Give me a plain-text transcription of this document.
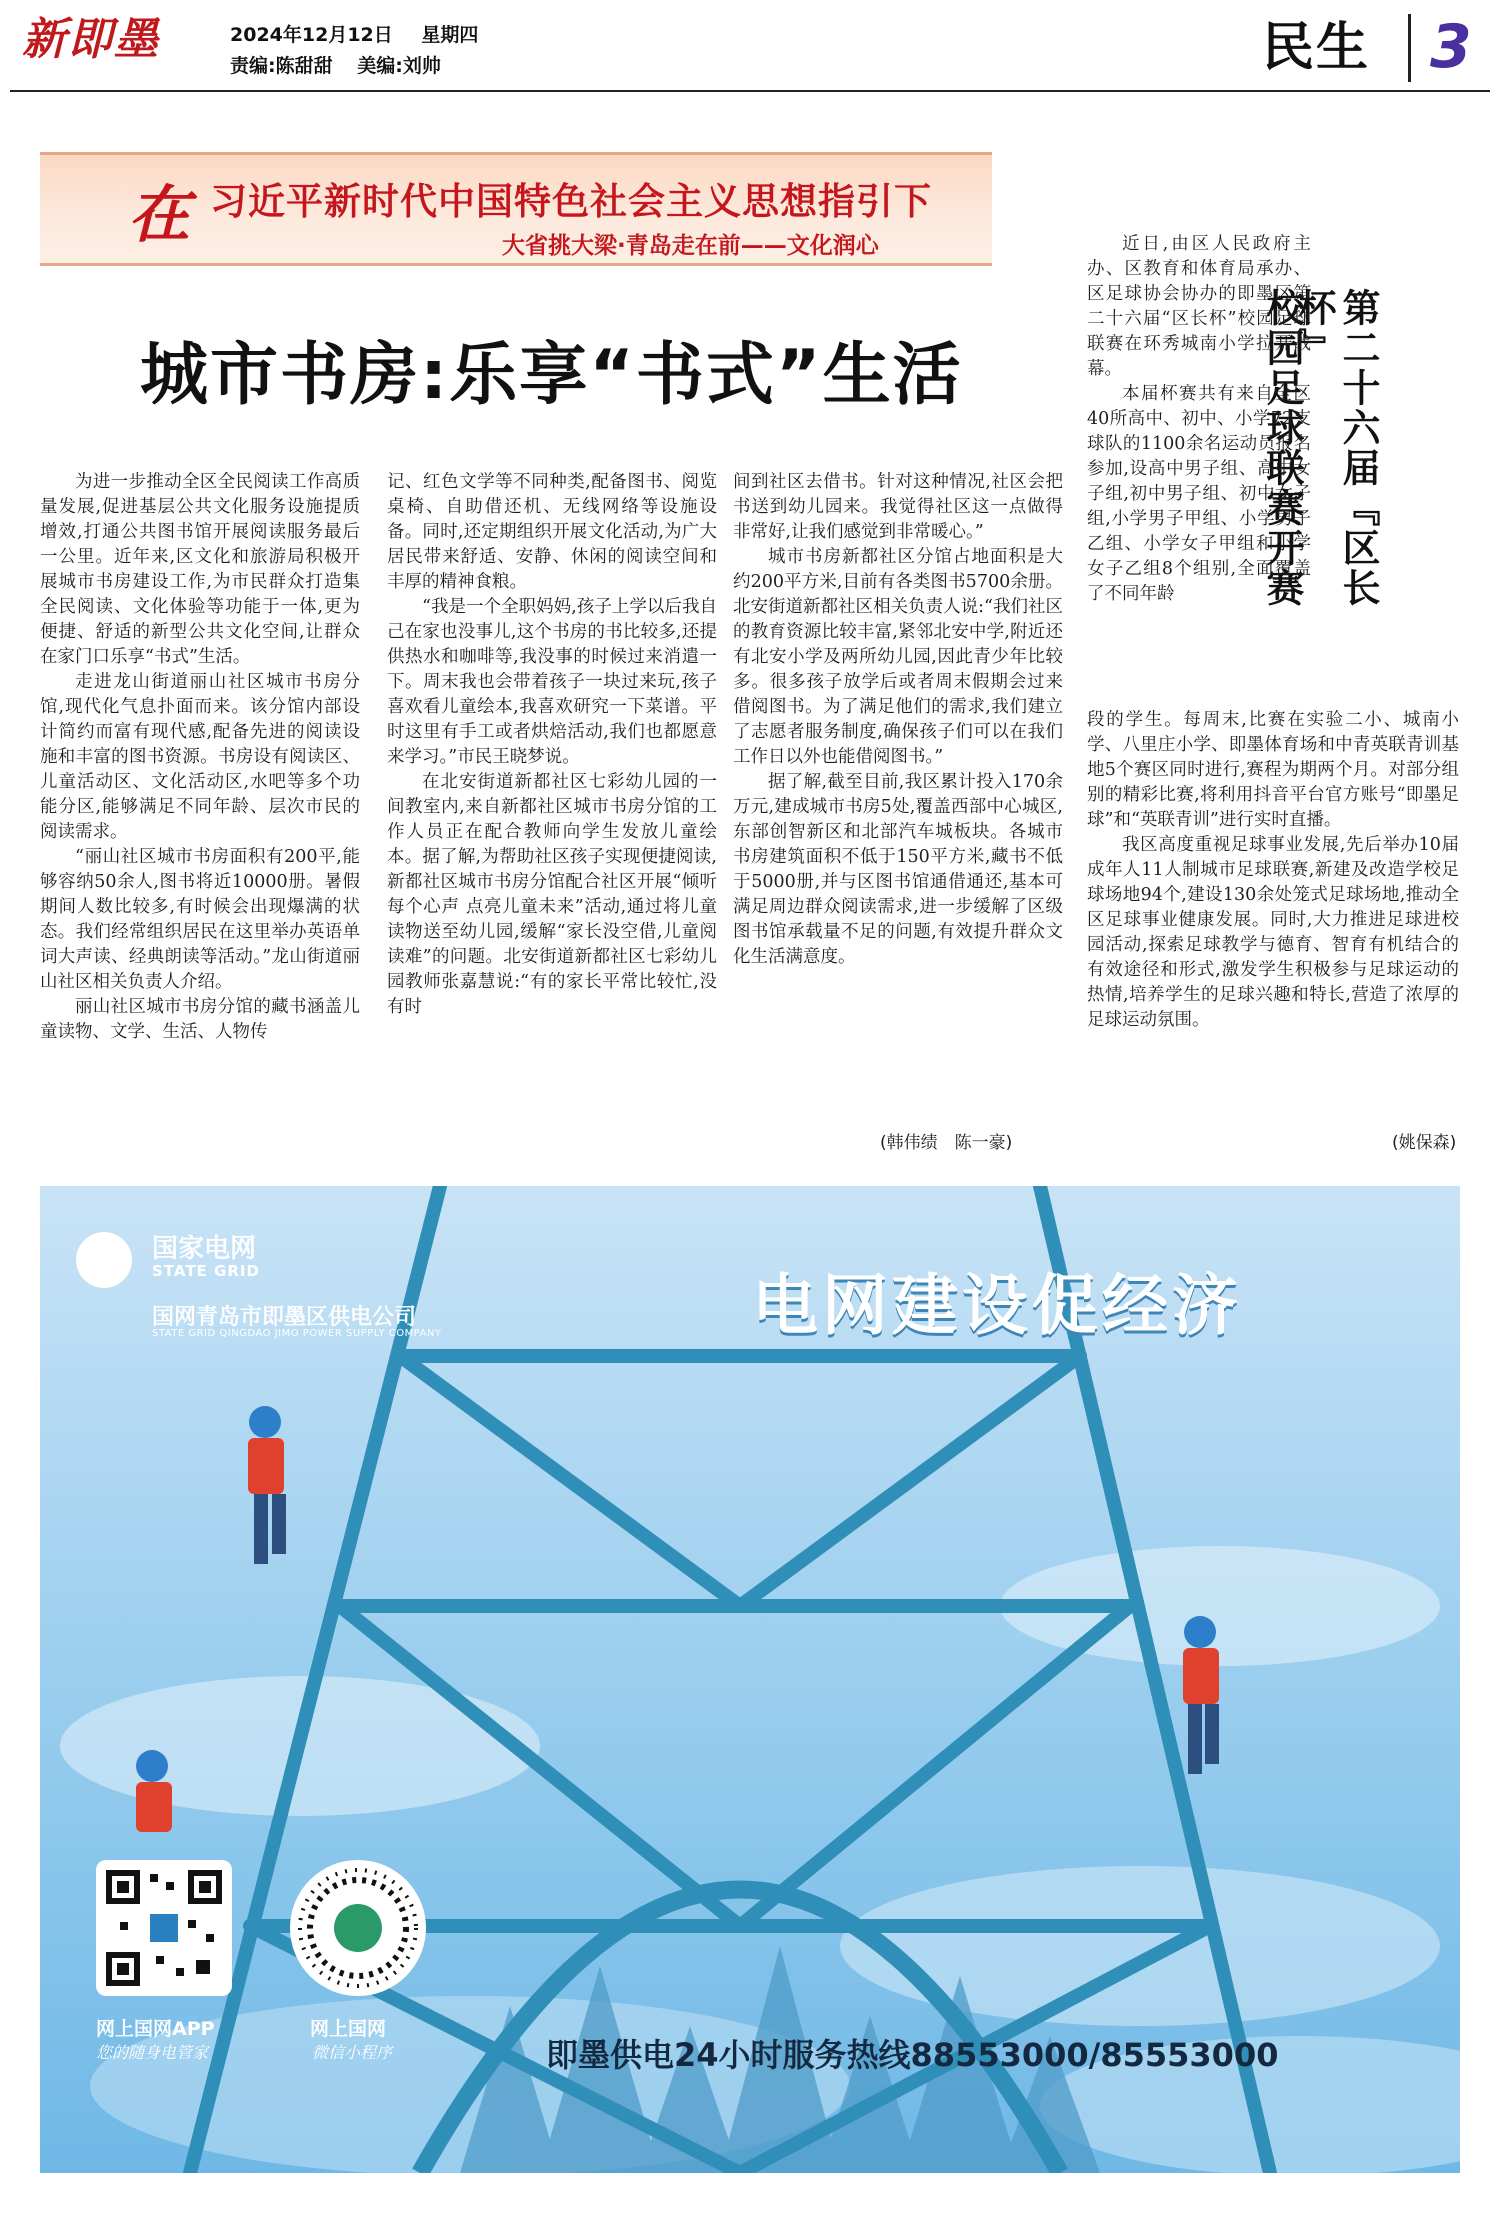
新即墨	2024年12月12日 星期四
责编:陈甜甜 美编:刘帅	民生 3
在 习近平新时代中国特色社会主义思想指引下
大省挑大梁·青岛走在前——文化润心
城市书房:乐享“书式”生活

为进一步推动全区全民阅读工作高质量发展,促进基层公共文化服务设施提质增效,打通公共图书馆开展阅读服务最后一公里。近年来,区文化和旅游局积极开展城市书房建设工作,为市民群众打造集全民阅读、文化体验等功能于一体,更为便捷、舒适的新型公共文化空间,让群众在家门口乐享“书式”生活。

走进龙山街道丽山社区城市书房分馆,现代化气息扑面而来。该分馆内部设计简约而富有现代感,配备先进的阅读设施和丰富的图书资源。书房设有阅读区、儿童活动区、文化活动区,水吧等多个功能分区,能够满足不同年龄、层次市民的阅读需求。

“丽山社区城市书房面积有200平,能够容纳50余人,图书将近10000册。暑假期间人数比较多,有时候会出现爆满的状态。我们经常组织居民在这里举办英语单词大声读、经典朗读等活动。”龙山街道丽山社区相关负责人介绍。

丽山社区城市书房分馆的藏书涵盖儿童读物、文学、生活、人物传

记、红色文学等不同种类,配备图书、阅览桌椅、自助借还机、无线网络等设施设备。同时,还定期组织开展文化活动,为广大居民带来舒适、安静、休闲的阅读空间和丰厚的精神食粮。

“我是一个全职妈妈,孩子上学以后我自己在家也没事儿,这个书房的书比较多,还提供热水和咖啡等,我没事的时候过来消遣一下。周末我也会带着孩子一块过来玩,孩子喜欢看儿童绘本,我喜欢研究一下菜谱。平时这里有手工或者烘焙活动,我们也都愿意来学习。”市民王晓梦说。

在北安街道新都社区七彩幼儿园的一间教室内,来自新都社区城市书房分馆的工作人员正在配合教师向学生发放儿童绘本。据了解,为帮助社区孩子实现便捷阅读,新都社区城市书房分馆配合社区开展“倾听每个心声 点亮儿童未来”活动,通过将儿童读物送至幼儿园,缓解“家长没空借,儿童阅读难”的问题。北安街道新都社区七彩幼儿园教师张嘉慧说:“有的家长平常比较忙,没有时

间到社区去借书。针对这种情况,社区会把书送到幼儿园来。我觉得社区这一点做得非常好,让我们感觉到非常暖心。”

城市书房新都社区分馆占地面积是大约200平方米,目前有各类图书5700余册。北安街道新都社区相关负责人说:“我们社区的教育资源比较丰富,紧邻北安中学,附近还有北安小学及两所幼儿园,因此青少年比较多。很多孩子放学后或者周末假期会过来借阅图书。为了满足他们的需求,我们建立了志愿者服务制度,确保孩子们可以在我们工作日以外也能借阅图书。”

据了解,截至目前,我区累计投入170余万元,建成城市书房5处,覆盖西部中心城区,东部创智新区和北部汽车城板块。各城市书房建筑面积不低于150平方米,藏书不低于5000册,并与区图书馆通借通还,基本可满足周边群众阅读需求,进一步缓解了区级图书馆承载量不足的问题,有效提升群众文化生活满意度。

(韩伟绩　陈一豪)
第二十六届『区长杯』
校园足球联赛开赛

近日,由区人民政府主办、区教育和体育局承办、区足球协会协办的即墨区第二十六届“区长杯”校园足球联赛在环秀城南小学拉开战幕。

本届杯赛共有来自全区40所高中、初中、小学72支球队的1100余名运动员报名参加,设高中男子组、高中女子组,初中男子组、初中女子组,小学男子甲组、小学男子乙组、小学女子甲组和小学女子乙组8个组别,全面覆盖了不同年龄

段的学生。每周末,比赛在实验二小、城南小学、八里庄小学、即墨体育场和中青英联青训基地5个赛区同时进行,赛程为期两个月。对部分组别的精彩比赛,将利用抖音平台官方账号“即墨足球”和“英联青训”进行实时直播。

我区高度重视足球事业发展,先后举办10届成年人11人制城市足球联赛,新建及改造学校足球场地94个,建设130余处笼式足球场地,推动全区足球事业健康发展。同时,大力推进足球进校园活动,探索足球教学与德育、智育有机结合的有效途径和形式,激发学生积极参与足球运动的热情,培养学生的足球兴趣和特长,营造了浓厚的足球运动氛围。

(姚保森)
国家电网
STATE GRID
国网青岛市即墨区供电公司
STATE GRID QINGDAO JIMO POWER SUPPLY COMPANY	电网建设促经济
网上国网APP
您的随身电管家
网上国网
微信小程序	即墨供电24小时服务热线88553000/85553000
